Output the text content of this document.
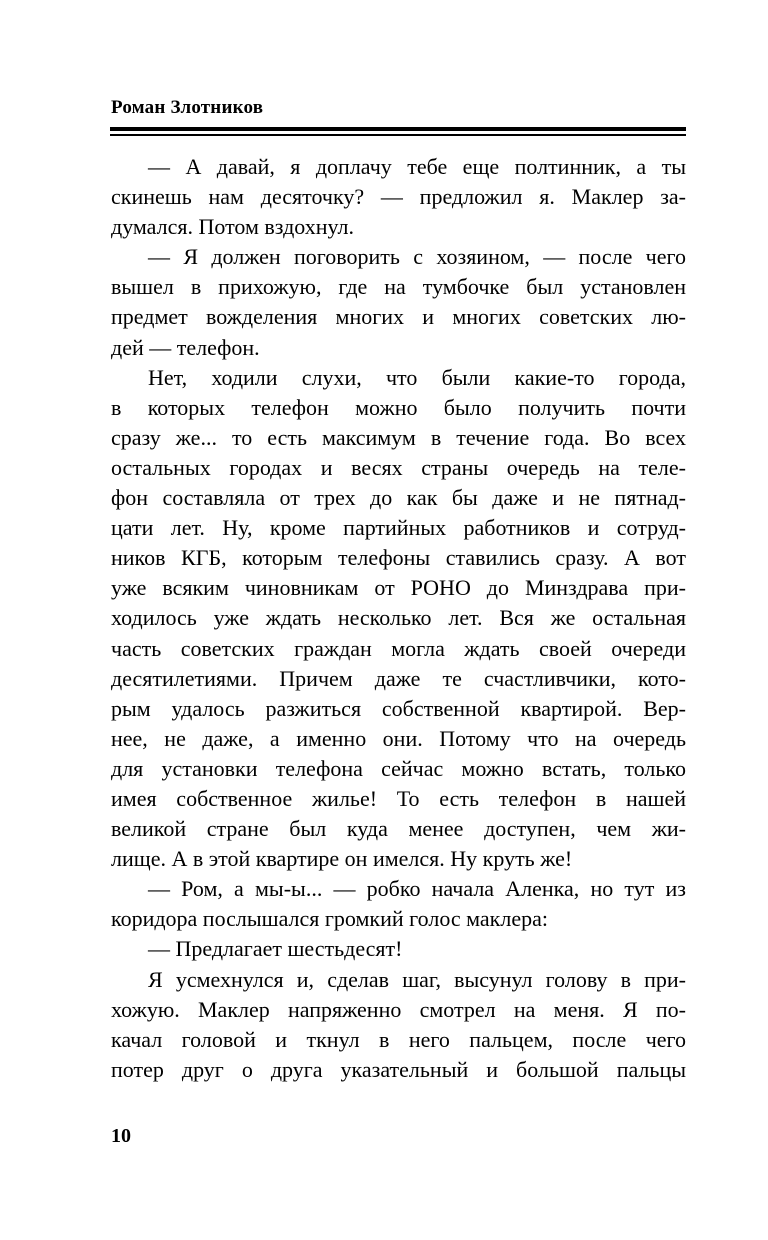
Роман Злотников

— А давай, я доплачу тебе еще полтинник, а ты

скинешь нам десяточку? — предложил я. Маклер за-

думался. Потом вздохнул.

— Я должен поговорить с хозяином, — после чего

вышел в прихожую, где на тумбочке был установлен

предмет вожделения многих и многих советских лю-

дей — телефон.

Нет, ходили слухи, что были какие-то города,

в которых телефон можно было получить почти

сразу же... то есть максимум в течение года. Во всех

остальных городах и весях страны очередь на теле-

фон составляла от трех до как бы даже и не пятнад-

цати лет. Ну, кроме партийных работников и сотруд-

ников КГБ, которым телефоны ставились сразу. А вот

уже всяким чиновникам от РОНО до Минздрава при-

ходилось уже ждать несколько лет. Вся же остальная

часть советских граждан могла ждать своей очереди

десятилетиями. Причем даже те счастливчики, кото-

рым удалось разжиться собственной квартирой. Вер-

нее, не даже, а именно они. Потому что на очередь

для установки телефона сейчас можно встать, только

имея собственное жилье! То есть телефон в нашей

великой стране был куда менее доступен, чем жи-

лище. А в этой квартире он имелся. Ну круть же!

— Ром, а мы-ы... — робко начала Аленка, но тут из

коридора послышался громкий голос маклера:

— Предлагает шестьдесят!

Я усмехнулся и, сделав шаг, высунул голову в при-

хожую. Маклер напряженно смотрел на меня. Я по-

качал головой и ткнул в него пальцем, после чего

потер друг о друга указательный и большой пальцы

10
